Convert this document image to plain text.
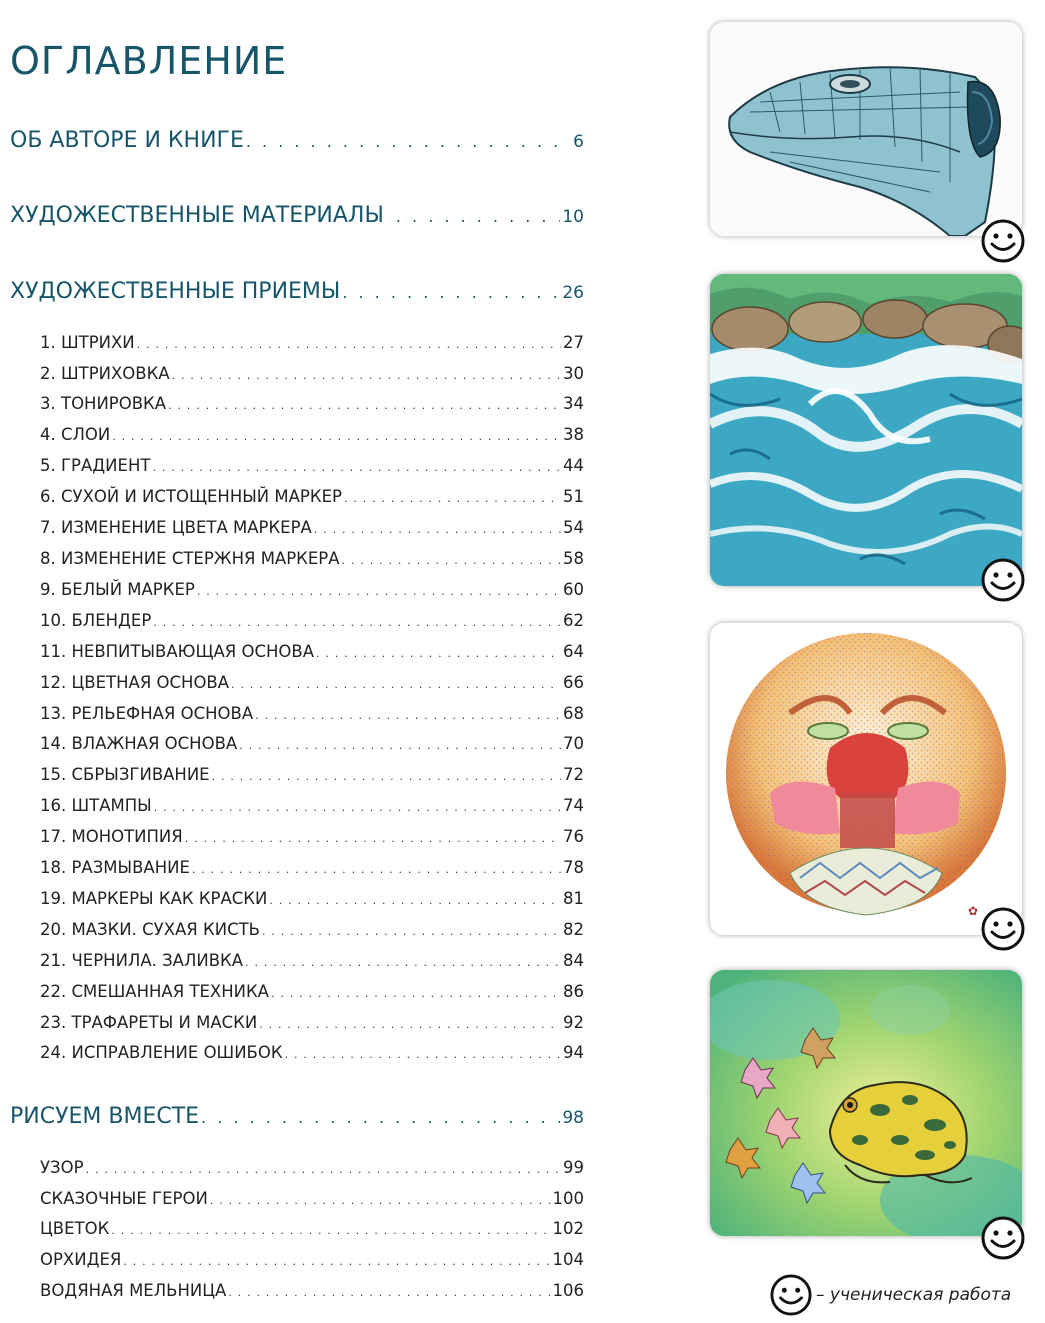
ОГЛАВЛЕНИЕ
ОБ АВТОРЕ И КНИГЕ . . .	6
ХУДОЖЕСТВЕННЫЕ МАТЕРИАЛЫ . . .	10
ХУДОЖЕСТВЕННЫЕ ПРИЕМЫ . . .	26
1. ШТРИХИ . . .	27
2. ШТРИХОВКА . . .	30
3. ТОНИРОВКА . . .	34
4. СЛОИ . . .	38
5. ГРАДИЕНТ . . .	44
6. СУХОЙ И ИСТОЩЕННЫЙ МАРКЕР . . .	51
7. ИЗМЕНЕНИЕ ЦВЕТА МАРКЕРА . . .	54
8. ИЗМЕНЕНИЕ СТЕРЖНЯ МАРКЕРА . . .	58
9. БЕЛЫЙ МАРКЕР . . .	60
10. БЛЕНДЕР . . .	62
11. НЕВПИТЫВАЮЩАЯ ОСНОВА . . .	64
12. ЦВЕТНАЯ ОСНОВА . . .	66
13. РЕЛЬЕФНАЯ ОСНОВА . . .	68
14. ВЛАЖНАЯ ОСНОВА . . .	70
15. СБРЫЗГИВАНИЕ . . .	72
16. ШТАМПЫ . . .	74
17. МОНОТИПИЯ . . .	76
18. РАЗМЫВАНИЕ . . .	78
19. МАРКЕРЫ КАК КРАСКИ . . .	81
20. МАЗКИ. СУХАЯ КИСТЬ . . .	82
21. ЧЕРНИЛА. ЗАЛИВКА . . .	84
22. СМЕШАННАЯ ТЕХНИКА . . .	86
23. ТРАФАРЕТЫ И МАСКИ . . .	92
24. ИСПРАВЛЕНИЕ ОШИБОК . . .	94
РИСУЕМ ВМЕСТЕ . . .	98
УЗОР . . .	99
СКАЗОЧНЫЕ ГЕРОИ . . .	100
ЦВЕТОК . . .	102
ОРХИДЕЯ . . .	104
ВОДЯНАЯ МЕЛЬНИЦА . . .	106
✿
– ученическая работа
